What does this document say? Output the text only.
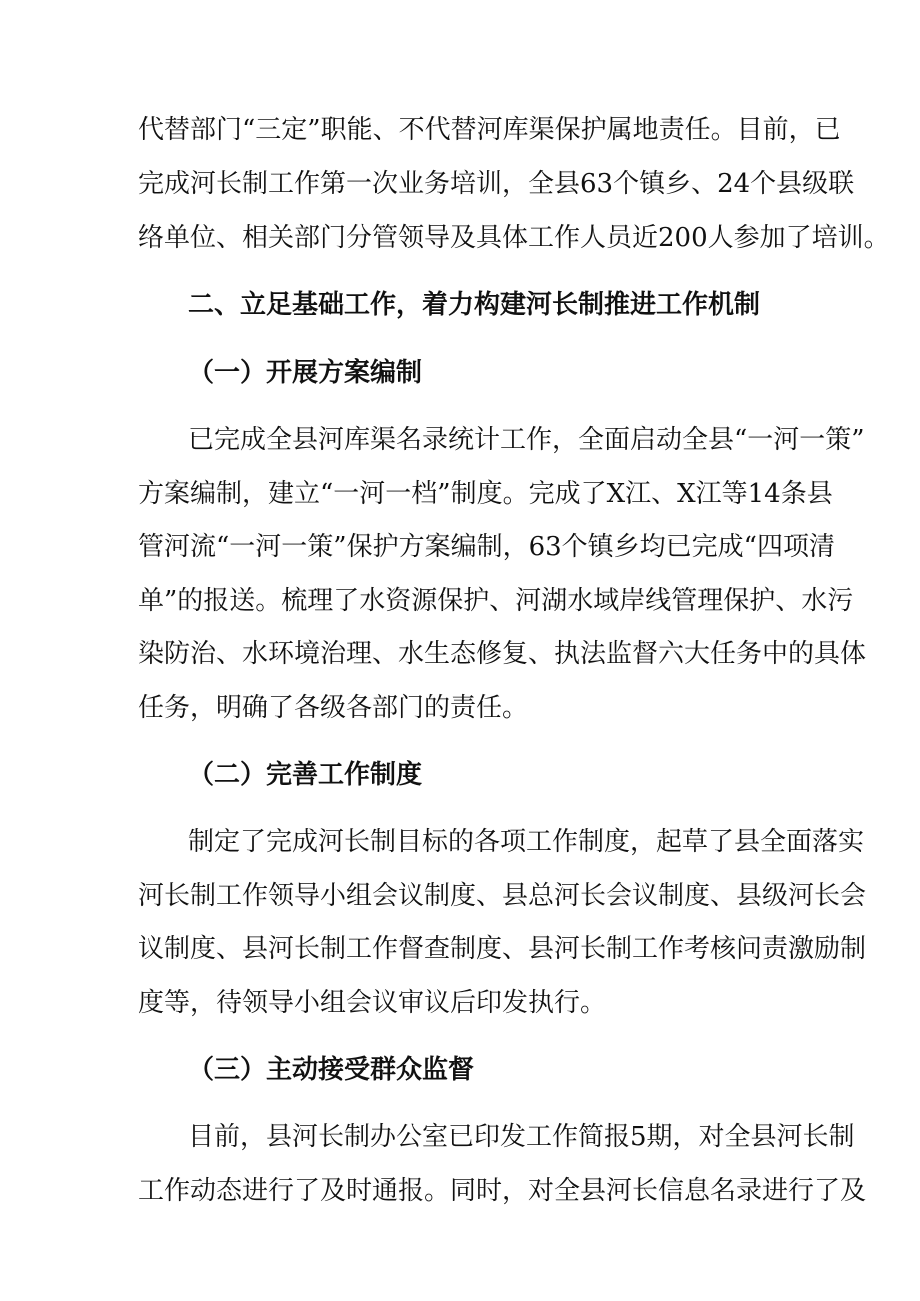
代替部门“三定”职能、不代替河库渠保护属地责任。目前，已
完成河长制工作第一次业务培训，全县63个镇乡、24个县级联
络单位、相关部门分管领导及具体工作人员近200人参加了培训。
二、立足基础工作，着力构建河长制推进工作机制
（一）开展方案编制
已完成全县河库渠名录统计工作，全面启动全县“一河一策”
方案编制，建立“一河一档”制度。完成了X江、X江等14条县
管河流“一河一策”保护方案编制，63个镇乡均已完成“四项清
单”的报送。梳理了水资源保护、河湖水域岸线管理保护、水污
染防治、水环境治理、水生态修复、执法监督六大任务中的具体
任务，明确了各级各部门的责任。
（二）完善工作制度
制定了完成河长制目标的各项工作制度，起草了县全面落实
河长制工作领导小组会议制度、县总河长会议制度、县级河长会
议制度、县河长制工作督查制度、县河长制工作考核问责激励制
度等，待领导小组会议审议后印发执行。
（三）主动接受群众监督
目前，县河长制办公室已印发工作简报5期，对全县河长制
工作动态进行了及时通报。同时，对全县河长信息名录进行了及
